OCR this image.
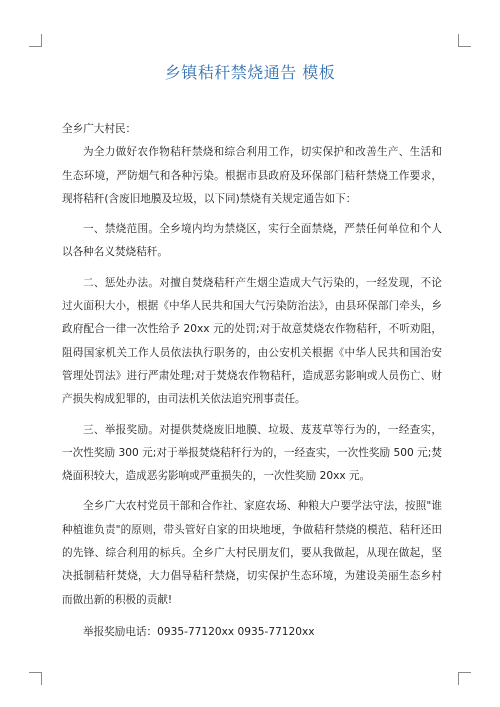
乡镇秸秆禁烧通告 模板

全乡广大村民：

为全力做好农作物秸秆禁烧和综合利用工作，切实保护和改善生产、生活和生态环境，严防烟气和各种污染。根据市县政府及环保部门秸秆禁烧工作要求，现将秸秆(含废旧地膜及垃圾，以下同)禁烧有关规定通告如下：

一、禁烧范围。全乡境内均为禁烧区，实行全面禁烧，严禁任何单位和个人以各种名义焚烧秸秆。

二、惩处办法。对擅自焚烧秸秆产生烟尘造成大气污染的，一经发现，不论过火面积大小，根据《中华人民共和国大气污染防治法》，由县环保部门牵头，乡政府配合一律一次性给予 20xx 元的处罚;对于故意焚烧农作物秸秆，不听劝阻，阻碍国家机关工作人员依法执行职务的，由公安机关根据《中华人民共和国治安管理处罚法》进行严肃处理;对于焚烧农作物秸秆，造成恶劣影响或人员伤亡、财产损失构成犯罪的，由司法机关依法追究刑事责任。

三、举报奖励。对提供焚烧废旧地膜、垃圾、芨芨草等行为的，一经查实，一次性奖励 300 元;对于举报焚烧秸秆行为的，一经查实，一次性奖励 500 元;焚烧面积较大，造成恶劣影响或严重损失的，一次性奖励 20xx 元。

全乡广大农村党员干部和合作社、家庭农场、种粮大户要学法守法，按照"谁种植谁负责"的原则，带头管好自家的田块地埂，争做秸秆禁烧的模范、秸秆还田的先锋、综合利用的标兵。全乡广大村民朋友们，要从我做起，从现在做起，坚决抵制秸秆焚烧，大力倡导秸秆禁烧，切实保护生态环境，为建设美丽生态乡村而做出新的积极的贡献!

举报奖励电话：0935-77120xx 0935-77120xx
